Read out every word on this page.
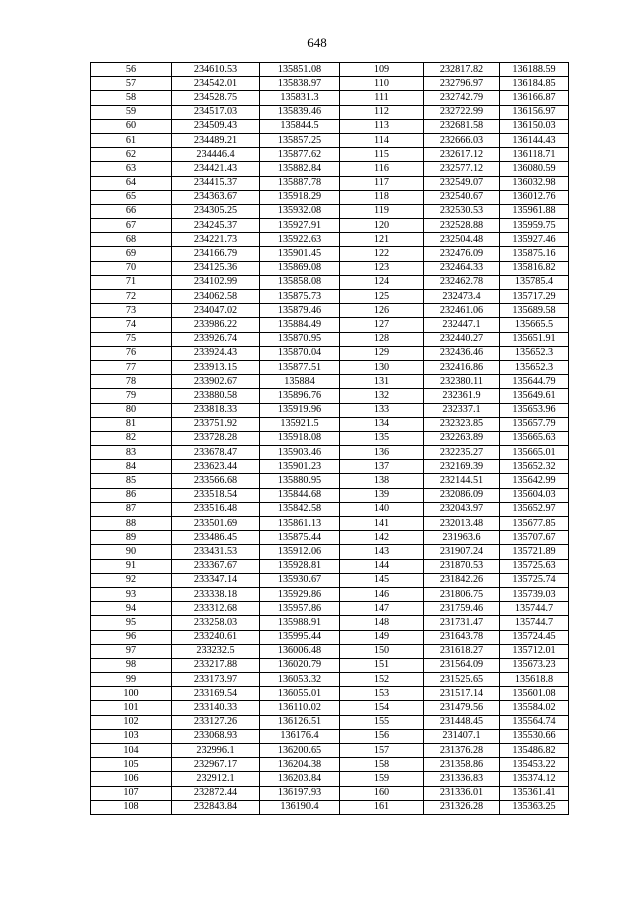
648
56	234610.53	135851.08	109	232817.82	136188.59
57	234542.01	135838.97	110	232796.97	136184.85
58	234528.75	135831.3	111	232742.79	136166.87
59	234517.03	135839.46	112	232722.99	136156.97
60	234509.43	135844.5	113	232681.58	136150.03
61	234489.21	135857.25	114	232666.03	136144.43
62	234446.4	135877.62	115	232617.12	136118.71
63	234421.43	135882.84	116	232577.12	136080.59
64	234415.37	135887.78	117	232549.07	136032.98
65	234363.67	135918.29	118	232540.67	136012.76
66	234305.25	135932.08	119	232530.53	135961.88
67	234245.37	135927.91	120	232528.88	135959.75
68	234221.73	135922.63	121	232504.48	135927.46
69	234166.79	135901.45	122	232476.09	135875.16
70	234125.36	135869.08	123	232464.33	135816.82
71	234102.99	135858.08	124	232462.78	135785.4
72	234062.58	135875.73	125	232473.4	135717.29
73	234047.02	135879.46	126	232461.06	135689.58
74	233986.22	135884.49	127	232447.1	135665.5
75	233926.74	135870.95	128	232440.27	135651.91
76	233924.43	135870.04	129	232436.46	135652.3
77	233913.15	135877.51	130	232416.86	135652.3
78	233902.67	135884	131	232380.11	135644.79
79	233880.58	135896.76	132	232361.9	135649.61
80	233818.33	135919.96	133	232337.1	135653.96
81	233751.92	135921.5	134	232323.85	135657.79
82	233728.28	135918.08	135	232263.89	135665.63
83	233678.47	135903.46	136	232235.27	135665.01
84	233623.44	135901.23	137	232169.39	135652.32
85	233566.68	135880.95	138	232144.51	135642.99
86	233518.54	135844.68	139	232086.09	135604.03
87	233516.48	135842.58	140	232043.97	135652.97
88	233501.69	135861.13	141	232013.48	135677.85
89	233486.45	135875.44	142	231963.6	135707.67
90	233431.53	135912.06	143	231907.24	135721.89
91	233367.67	135928.81	144	231870.53	135725.63
92	233347.14	135930.67	145	231842.26	135725.74
93	233338.18	135929.86	146	231806.75	135739.03
94	233312.68	135957.86	147	231759.46	135744.7
95	233258.03	135988.91	148	231731.47	135744.7
96	233240.61	135995.44	149	231643.78	135724.45
97	233232.5	136006.48	150	231618.27	135712.01
98	233217.88	136020.79	151	231564.09	135673.23
99	233173.97	136053.32	152	231525.65	135618.8
100	233169.54	136055.01	153	231517.14	135601.08
101	233140.33	136110.02	154	231479.56	135584.02
102	233127.26	136126.51	155	231448.45	135564.74
103	233068.93	136176.4	156	231407.1	135530.66
104	232996.1	136200.65	157	231376.28	135486.82
105	232967.17	136204.38	158	231358.86	135453.22
106	232912.1	136203.84	159	231336.83	135374.12
107	232872.44	136197.93	160	231336.01	135361.41
108	232843.84	136190.4	161	231326.28	135363.25
